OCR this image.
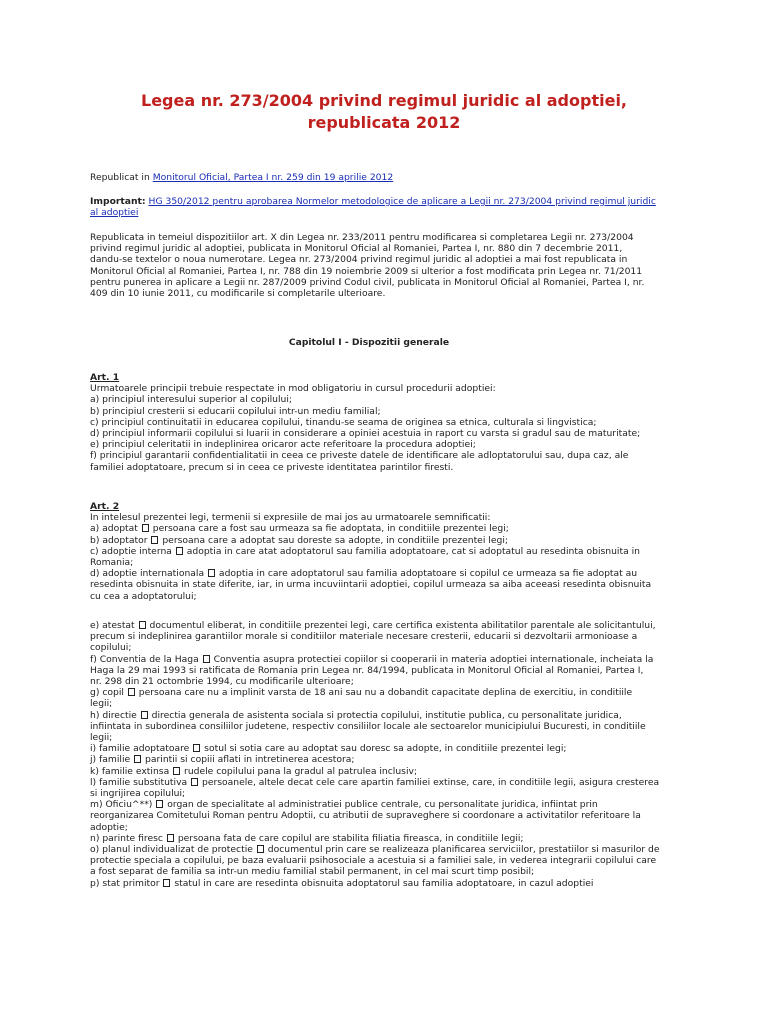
Legea nr. 273/2004 privind regimul juridic al adoptiei,
republicata 2012
Republicat in Monitorul Oficial, Partea I nr. 259 din 19 aprilie 2012
Important: HG 350/2012 pentru aprobarea Normelor metodologice de aplicare a Legii nr. 273/2004 privind regimul juridic
al adoptiei
Republicata in temeiul dispozitiilor art. X din Legea nr. 233/2011 pentru modificarea si completarea Legii nr. 273/2004
privind regimul juridic al adoptiei, publicata in Monitorul Oficial al Romaniei, Partea I, nr. 880 din 7 decembrie 2011,
dandu-se textelor o noua numerotare. Legea nr. 273/2004 privind regimul juridic al adoptiei a mai fost republicata in
Monitorul Oficial al Romaniei, Partea I, nr. 788 din 19 noiembrie 2009 si ulterior a fost modificata prin Legea nr. 71/2011
pentru punerea in aplicare a Legii nr. 287/2009 privind Codul civil, publicata in Monitorul Oficial al Romaniei, Partea I, nr.
409 din 10 iunie 2011, cu modificarile si completarile ulterioare.
Capitolul I - Dispozitii generale
Art. 1
Urmatoarele principii trebuie respectate in mod obligatoriu in cursul procedurii adoptiei:
a) principiul interesului superior al copilului;
b) principiul cresterii si educarii copilului intr-un mediu familial;
c) principiul continuitatii in educarea copilului, tinandu-se seama de originea sa etnica, culturala si lingvistica;
d) principiul informarii copilului si luarii in considerare a opiniei acestuia in raport cu varsta si gradul sau de maturitate;
e) principiul celeritatii in indeplinirea oricaror acte referitoare la procedura adoptiei;
f) principiul garantarii confidentialitatii in ceea ce priveste datele de identificare ale adloptatorului sau, dupa caz, ale
familiei adoptatoare, precum si in ceea ce priveste identitatea parintilor firesti.
Art. 2
In intelesul prezentei legi, termenii si expresiile de mai jos au urmatoarele semnificatii:
a) adoptat  persoana care a fost sau urmeaza sa fie adoptata, in conditiile prezentei legi;
b) adoptator  persoana care a adoptat sau doreste sa adopte, in conditiile prezentei legi;
c) adoptie interna  adoptia in care atat adoptatorul sau familia adoptatoare, cat si adoptatul au resedinta obisnuita in
Romania;
d) adoptie internationala  adoptia in care adoptatorul sau familia adoptatoare si copilul ce urmeaza sa fie adoptat au
resedinta obisnuita in state diferite, iar, in urma incuviintarii adoptiei, copilul urmeaza sa aiba aceeasi resedinta obisnuita
cu cea a adoptatorului;
e) atestat  documentul eliberat, in conditiile prezentei legi, care certifica existenta abilitatilor parentale ale solicitantului,
precum si indeplinirea garantiilor morale si conditiilor materiale necesare cresterii, educarii si dezvoltarii armonioase a
copilului;
f) Conventia de la Haga  Conventia asupra protectiei copiilor si cooperarii in materia adoptiei internationale, incheiata la
Haga la 29 mai 1993 si ratificata de Romania prin Legea nr. 84/1994, publicata in Monitorul Oficial al Romaniei, Partea I,
nr. 298 din 21 octombrie 1994, cu modificarile ulterioare;
g) copil  persoana care nu a implinit varsta de 18 ani sau nu a dobandit capacitate deplina de exercitiu, in conditiile
legii;
h) directie  directia generala de asistenta sociala si protectia copilului, institutie publica, cu personalitate juridica,
infiintata in subordinea consiliilor judetene, respectiv consiliilor locale ale sectoarelor municipiului Bucuresti, in conditiile
legii;
i) familie adoptatoare  sotul si sotia care au adoptat sau doresc sa adopte, in conditiile prezentei legi;
j) familie  parintii si copiii aflati in intretinerea acestora;
k) familie extinsa  rudele copilului pana la gradul al patrulea inclusiv;
l) familie substitutiva  persoanele, altele decat cele care apartin familiei extinse, care, in conditiile legii, asigura cresterea
si ingrijirea copilului;
m) Oficiu^**)  organ de specialitate al administratiei publice centrale, cu personalitate juridica, infiintat prin
reorganizarea Comitetului Roman pentru Adoptii, cu atributii de supraveghere si coordonare a activitatilor referitoare la
adoptie;
n) parinte firesc  persoana fata de care copilul are stabilita filiatia fireasca, in conditiile legii;
o) planul individualizat de protectie  documentul prin care se realizeaza planificarea serviciilor, prestatiilor si masurilor de
protectie speciala a copilului, pe baza evaluarii psihosociale a acestuia si a familiei sale, in vederea integrarii copilului care
a fost separat de familia sa intr-un mediu familial stabil permanent, in cel mai scurt timp posibil;
p) stat primitor  statul in care are resedinta obisnuita adoptatorul sau familia adoptatoare, in cazul adoptiei
